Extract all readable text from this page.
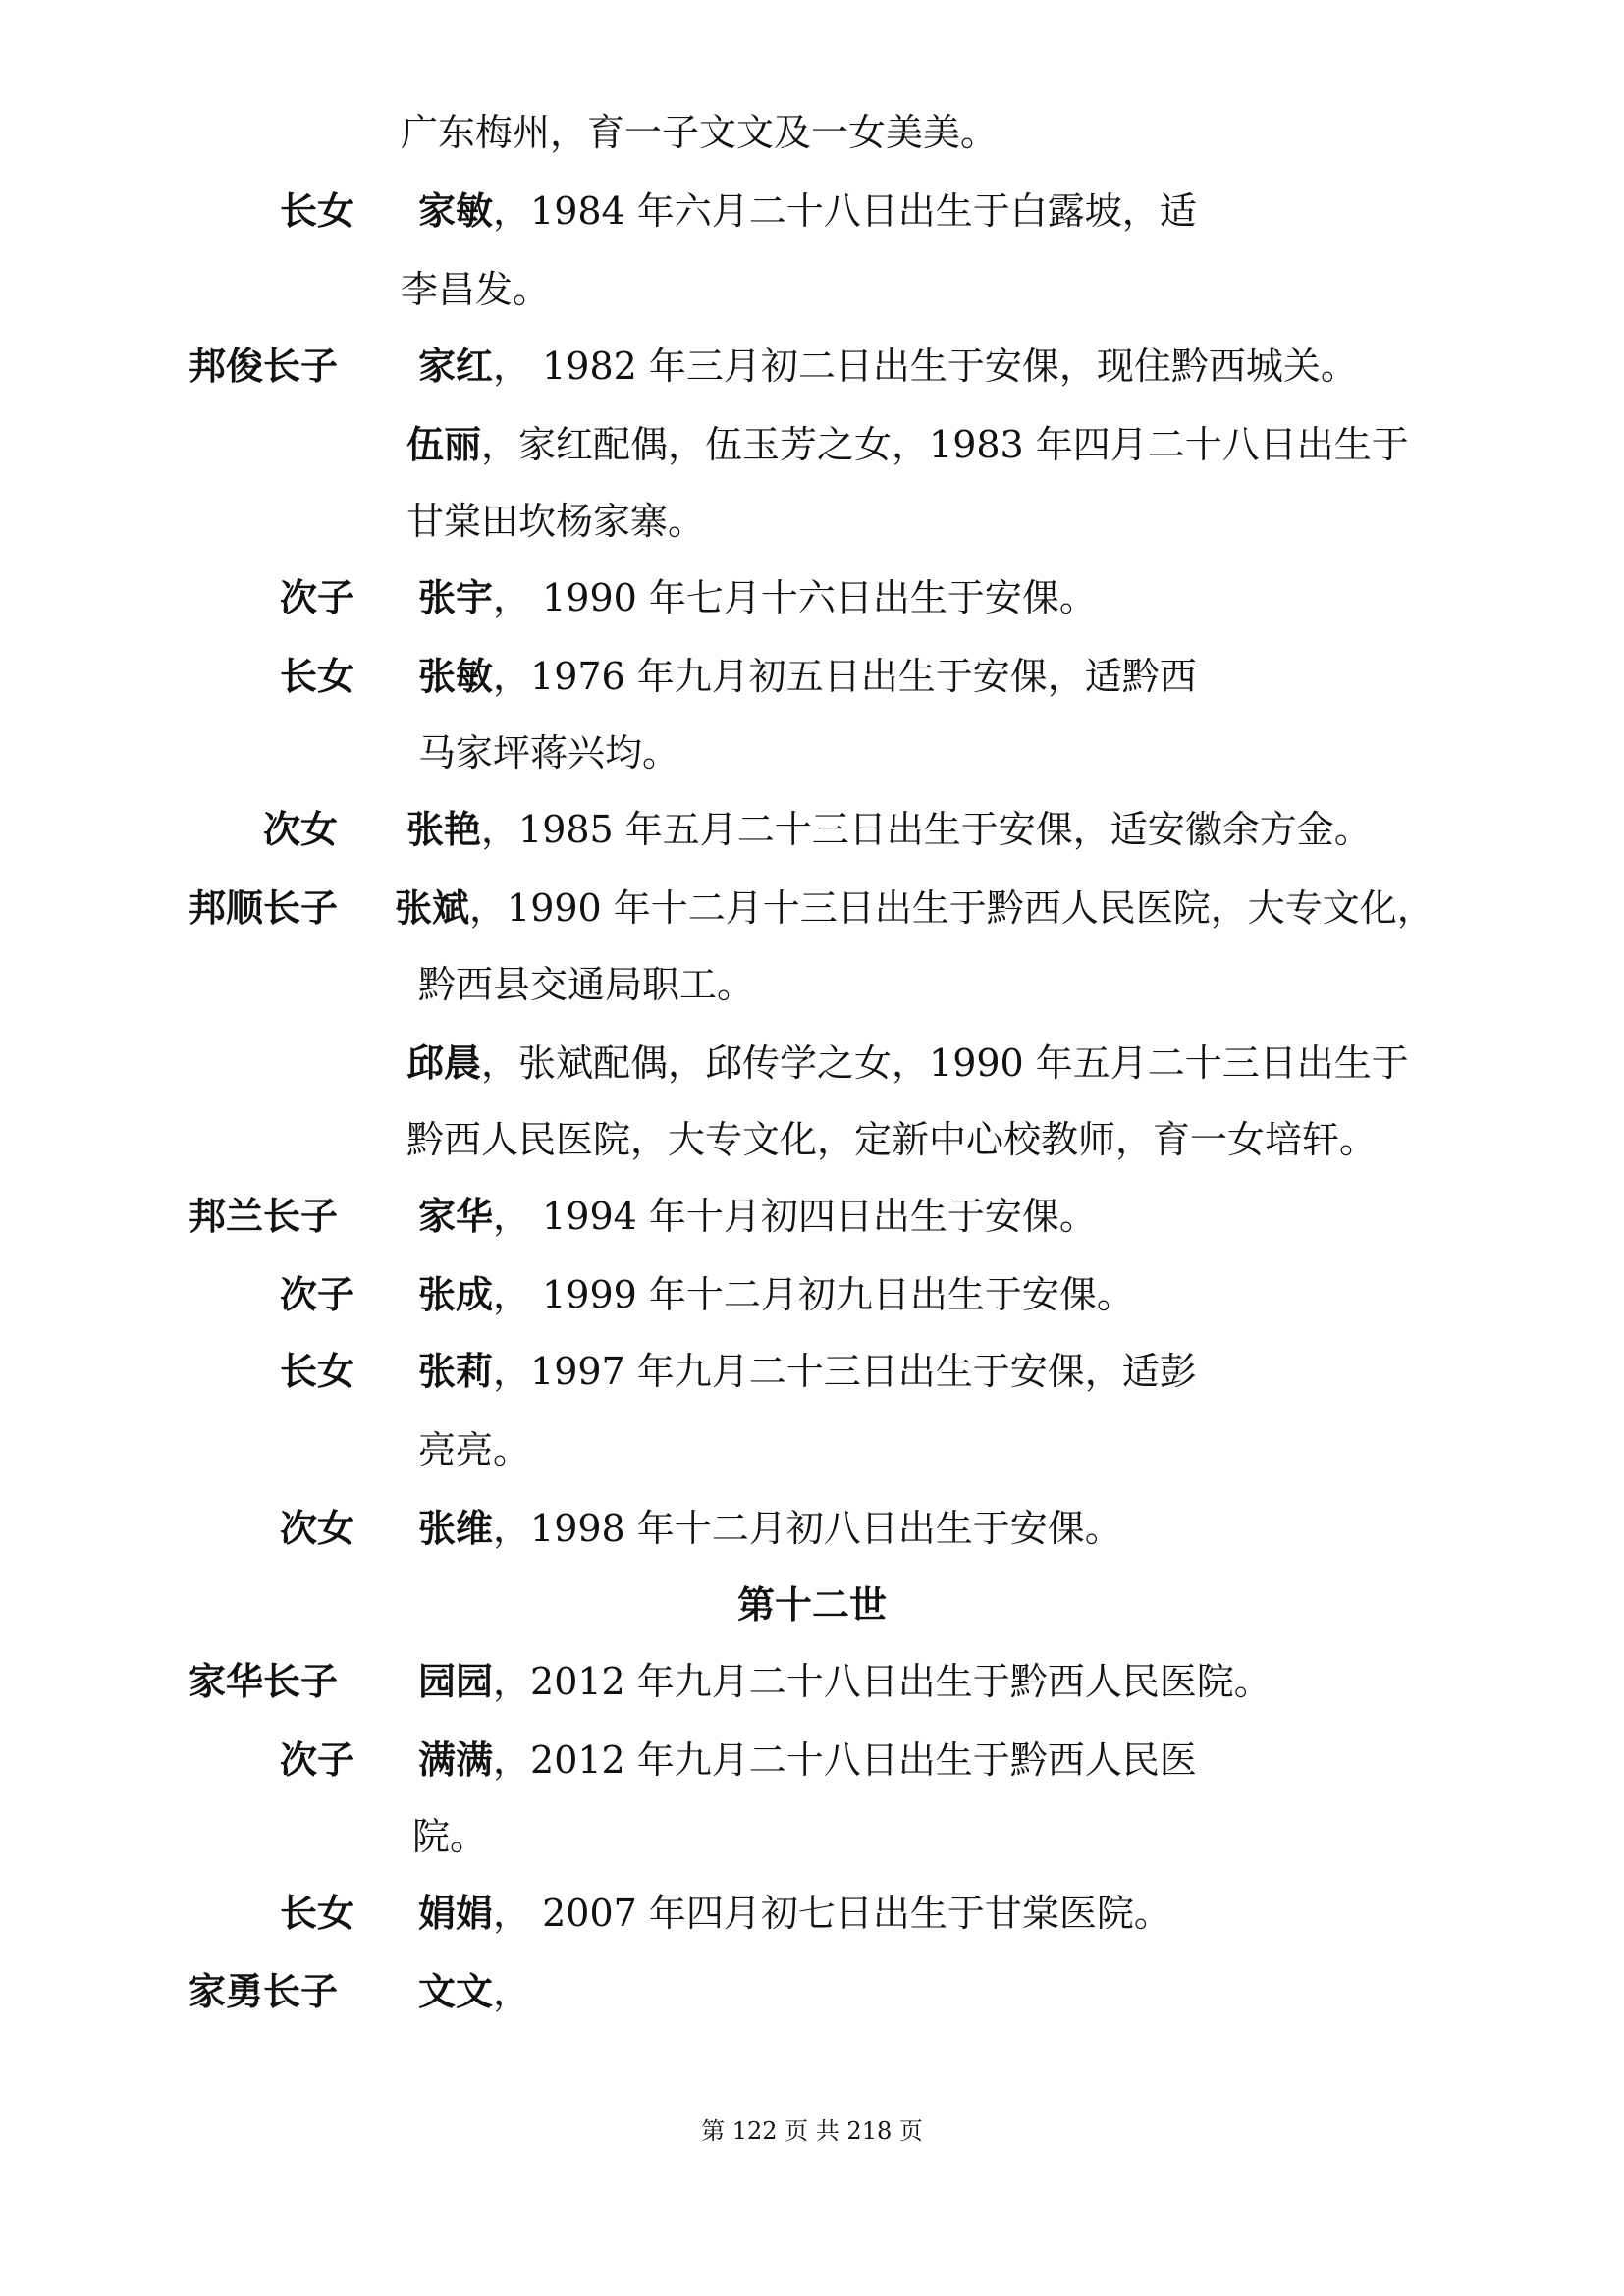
广东梅州，育一子文文及一女美美。
长女 家敏，1984 年六月二十八日出生于白露坡，适
李昌发。
邦俊长子 家红， 1982 年三月初二日出生于安倮，现住黔西城关。
伍丽，家红配偶，伍玉芳之女，1983 年四月二十八日出生于
甘棠田坎杨家寨。
次子 张宇， 1990 年七月十六日出生于安倮。
长女 张敏，1976 年九月初五日出生于安倮，适黔西
马家坪蒋兴均。
次女 张艳，1985 年五月二十三日出生于安倮，适安徽余方金。
邦顺长子 张斌，1990 年十二月十三日出生于黔西人民医院，大专文化，
黔西县交通局职工。
邱晨，张斌配偶，邱传学之女，1990 年五月二十三日出生于
黔西人民医院，大专文化，定新中心校教师，育一女培轩。
邦兰长子 家华， 1994 年十月初四日出生于安倮。
次子 张成， 1999 年十二月初九日出生于安倮。
长女 张莉，1997 年九月二十三日出生于安倮，适彭
亮亮。
次女 张维，1998 年十二月初八日出生于安倮。
第十二世
家华长子 园园，2012 年九月二十八日出生于黔西人民医院。
次子 满满，2012 年九月二十八日出生于黔西人民医
院。
长女 娟娟， 2007 年四月初七日出生于甘棠医院。
家勇长子 文文，
第 122 页 共 218 页
